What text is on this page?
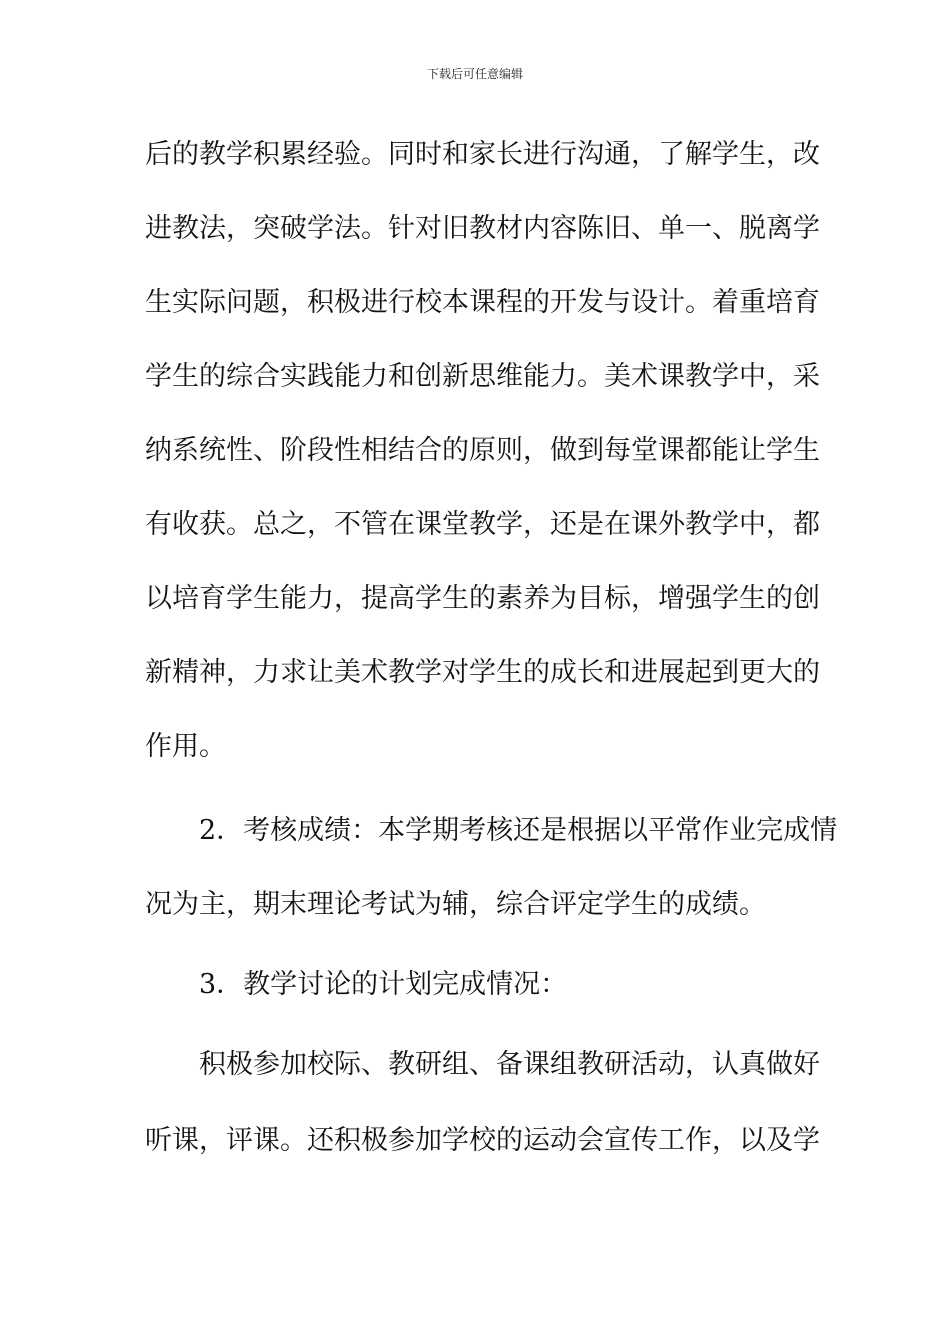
下载后可任意编辑
后的教学积累经验。同时和家长进行沟通，了解学生，改
进教法，突破学法。针对旧教材内容陈旧、单一、脱离学
生实际问题，积极进行校本课程的开发与设计。着重培育
学生的综合实践能力和创新思维能力。美术课教学中，采
纳系统性、阶段性相结合的原则，做到每堂课都能让学生
有收获。总之，不管在课堂教学，还是在课外教学中，都
以培育学生能力，提高学生的素养为目标，增强学生的创
新精神，力求让美术教学对学生的成长和进展起到更大的
作用。
2．考核成绩：本学期考核还是根据以平常作业完成情
况为主，期末理论考试为辅，综合评定学生的成绩。
3．教学讨论的计划完成情况：
积极参加校际、教研组、备课组教研活动，认真做好
听课，评课。还积极参加学校的运动会宣传工作，以及学
